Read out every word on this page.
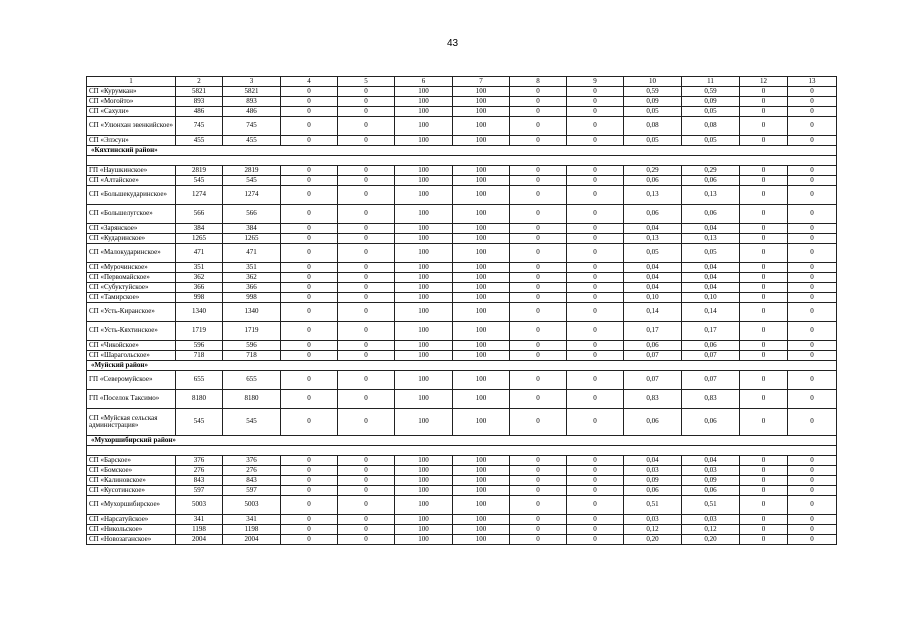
43
1	2	3	4	5	6	7	8	9	10	11	12	13
СП «Курумкан»	5821	5821	0	0	100	100	0	0	0,59	0,59	0	0
СП «Могойто»	893	893	0	0	100	100	0	0	0,09	0,09	0	0
СП «Сахули»	486	486	0	0	100	100	0	0	0,05	0,05	0	0
СП «Улюнхан эвенкийское»	745	745	0	0	100	100	0	0	0,08	0,08	0	0
СП «Элэсун»	455	455	0	0	100	100	0	0	0,05	0,05	0	0
«Кяхтинский район»												

ГП «Наушкинское»	2819	2819	0	0	100	100	0	0	0,29	0,29	0	0
СП «Алтайское»	545	545	0	0	100	100	0	0	0,06	0,06	0	0
СП «Большекударинское»	1274	1274	0	0	100	100	0	0	0,13	0,13	0	0
СП «Большелугское»	566	566	0	0	100	100	0	0	0,06	0,06	0	0
СП «Зарянское»	384	384	0	0	100	100	0	0	0,04	0,04	0	0
СП «Кударинское»	1265	1265	0	0	100	100	0	0	0,13	0,13	0	0
СП «Малокударинское»	471	471	0	0	100	100	0	0	0,05	0,05	0	0
СП «Мурочинское»	351	351	0	0	100	100	0	0	0,04	0,04	0	0
СП «Первомайское»	362	362	0	0	100	100	0	0	0,04	0,04	0	0
СП «Субуктуйское»	366	366	0	0	100	100	0	0	0,04	0,04	0	0
СП «Тамирское»	998	998	0	0	100	100	0	0	0,10	0,10	0	0
СП «Усть-Киранское»	1340	1340	0	0	100	100	0	0	0,14	0,14	0	0
СП «Усть-Кяхтинское»	1719	1719	0	0	100	100	0	0	0,17	0,17	0	0
СП «Чикойское»	596	596	0	0	100	100	0	0	0,06	0,06	0	0
СП «Шарагольское»	718	718	0	0	100	100	0	0	0,07	0,07	0	0
«Муйский район»												
ГП «Северомуйское»	655	655	0	0	100	100	0	0	0,07	0,07	0	0
ГП «Поселок Таксимо»	8180	8180	0	0	100	100	0	0	0,83	0,83	0	0
СП «Муйская сельская администрация»	545	545	0	0	100	100	0	0	0,06	0,06	0	0
«Мухоршибирский район»												

СП «Барское»	376	376	0	0	100	100	0	0	0,04	0,04	0	0
СП «Бомское»	276	276	0	0	100	100	0	0	0,03	0,03	0	0
СП «Калиновское»	843	843	0	0	100	100	0	0	0,09	0,09	0	0
СП «Кусотинское»	597	597	0	0	100	100	0	0	0,06	0,06	0	0
СП «Мухоршибирское»	5003	5003	0	0	100	100	0	0	0,51	0,51	0	0
СП «Нарсатуйское»	341	341	0	0	100	100	0	0	0,03	0,03	0	0
СП «Никольское»	1198	1198	0	0	100	100	0	0	0,12	0,12	0	0
СП «Новозаганское»	2004	2004	0	0	100	100	0	0	0,20	0,20	0	0
